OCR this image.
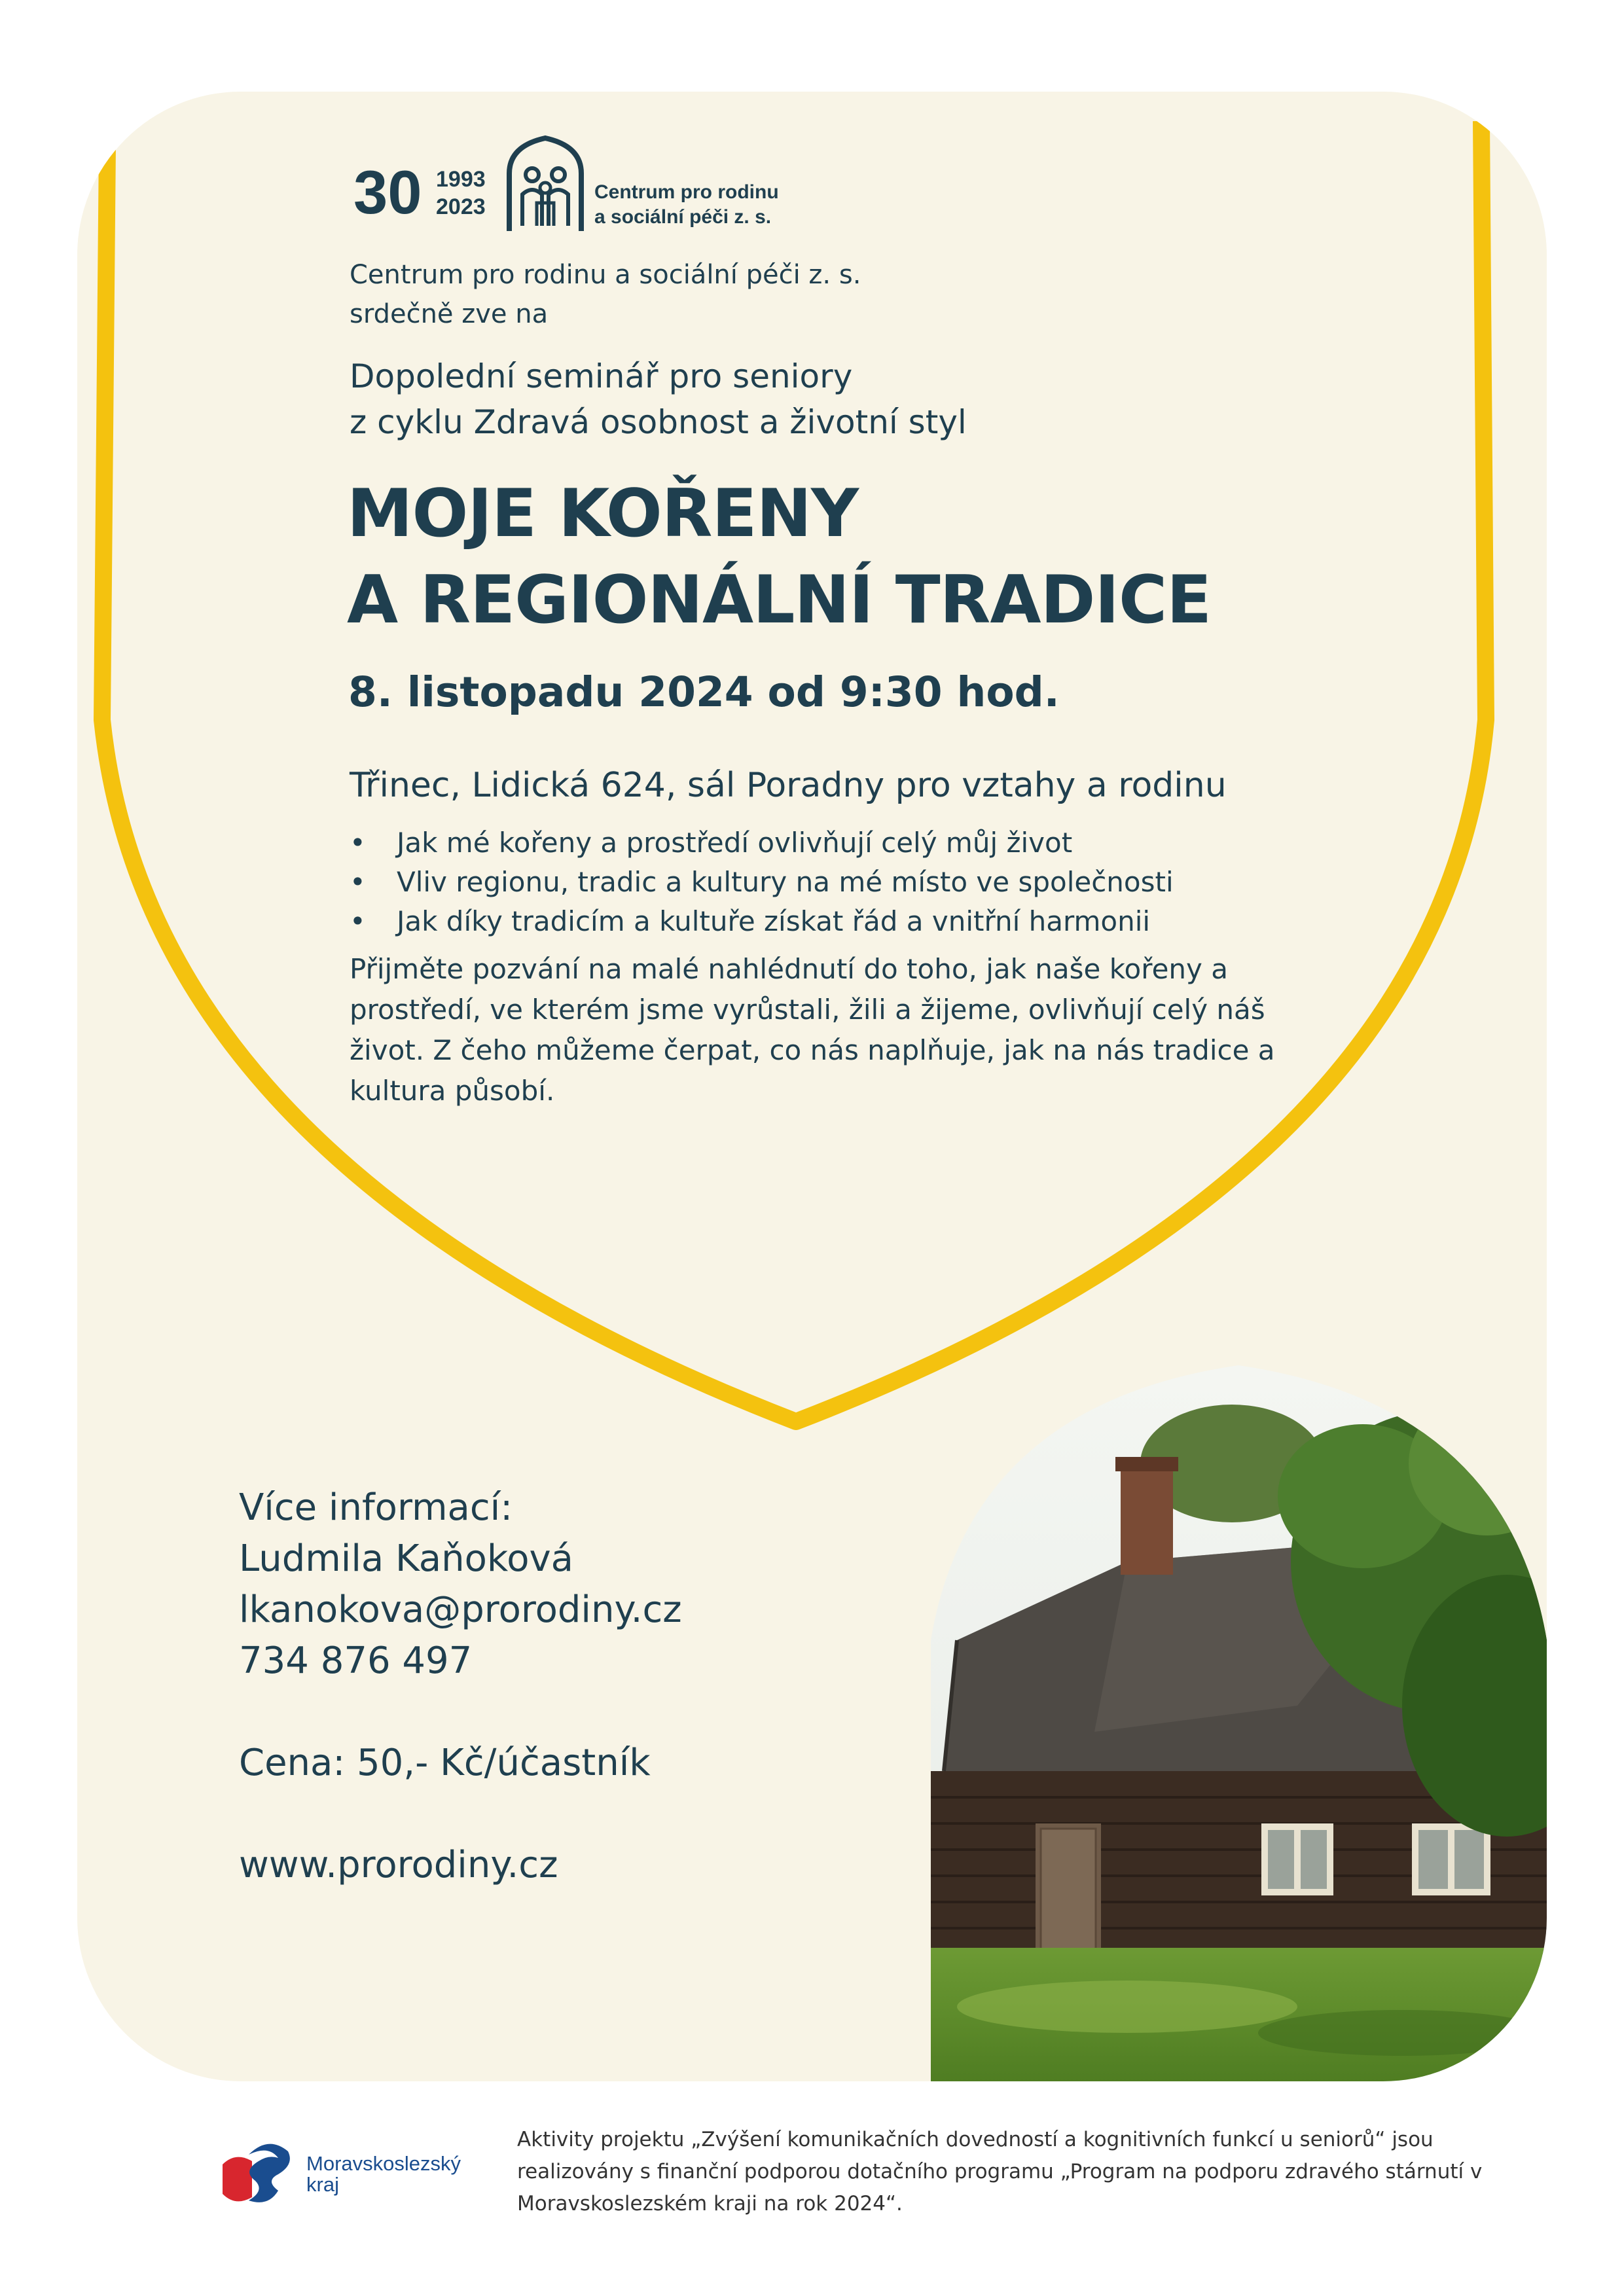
30 1993
2023
Centrum pro rodinu
a sociální péči z. s.
Centrum pro rodinu a sociální péči z. s.
srdečně zve na
Dopolední seminář pro seniory
z cyklu Zdravá osobnost a životní styl
MOJE KOŘENY
A REGIONÁLNÍ TRADICE
8. listopadu 2024 od 9:30 hod.
Třinec, Lidická 624, sál Poradny pro vztahy a rodinu
• Jak mé kořeny a prostředí ovlivňují celý můj život
• Vliv regionu, tradic a kultury na mé místo ve společnosti
• Jak díky tradicím a kultuře získat řád a vnitřní harmonii
Přijměte pozvání na malé nahlédnutí do toho, jak naše kořeny a prostředí, ve kterém jsme vyrůstali, žili a žijeme, ovlivňují celý náš život. Z čeho můžeme čerpat, co nás naplňuje, jak na nás tradice a kultura působí.
Více informací:
Ludmila Kaňoková
lkanokova@prorodiny.cz
734 876 497
Cena: 50,- Kč/účastník
www.prorodiny.cz
Moravskoslezský
kraj
Aktivity projektu „Zvýšení komunikačních dovedností a kognitivních funkcí u seniorů“ jsou realizovány s finanční podporou dotačního programu „Program na podporu zdravého stárnutí v Moravskoslezském kraji na rok 2024“.
